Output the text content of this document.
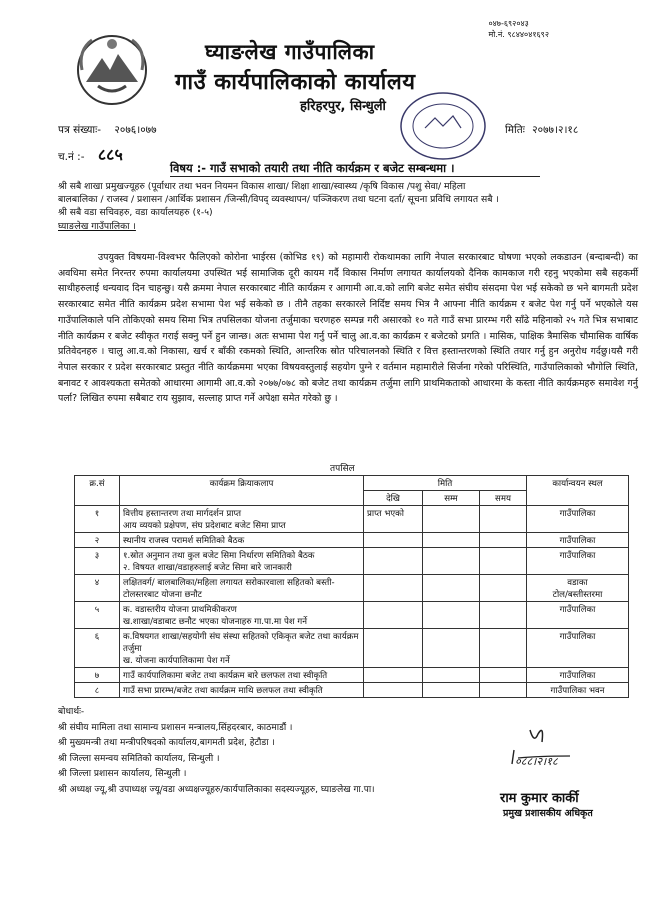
०४७-६९२०४३
मो.नं. ९८४४०४१६९२
घ्याङलेख गाउँपालिका
गाउँ कार्यपालिकाको कार्यालय
हरिहरपुर, सिन्धुली
पत्र संख्याः- २०७६।०७७
च.नं :- ८८५
मितिः २०७७।२।१८
विषय :- गाउँ सभाको तयारी तथा नीति कार्यक्रम र बजेट सम्बन्धमा ।
श्री सबै शाखा प्रमुखज्यूहरु (पूर्वाधार तथा भवन नियमन विकास शाखा/ शिक्षा शाखा/स्वास्थ्य /कृषि विकास /पशु सेवा/ महिला
बालबालिका / राजस्व / प्रशासन /आर्थिक प्रशासन /जिन्सी/विपद् व्यवस्थापन/ पञ्जिकरण तथा घटना दर्ता/ सूचना प्रविधि लगायत सबै ।
श्री सबै वडा सचिवहरु, वडा कार्यालयहरु (१-५)
घ्याङलेख गाउँपालिका ।

उपयुक्त विषयमा-विश्वभर फैलिएको कोरोना भाईरस (कोभिड १९) को महामारी रोकथामका लागि नेपाल सरकारबाट घोषणा भएको लकडाउन (बन्दाबन्दी) का अवधिमा समेत निरन्तर रुपमा कार्यालयमा उपस्थित भई सामाजिक दूरी कायम गर्दै विकास निर्माण लगायत कार्यालयको दैनिक कामकाज गरी रहनु भएकोमा सबै सहकर्मी साथीहरुलाई धन्यवाद दिन चाहन्छु। यसै क्रममा नेपाल सरकारबाट नीति कार्यक्रम र आगामी आ.व.को लागि बजेट समेत संघीय संसदमा पेश भई सकेको छ भने बागमती प्रदेश सरकारबाट समेत नीति कार्यक्रम प्रदेश सभामा पेश भई सकेको छ । तीनै तहका सरकारले निर्दिष्ट समय भित्र नै आफ्ना नीति कार्यक्रम र बजेट पेश गर्नु पर्ने भएकोले यस गाउँपालिकाले पनि तोकिएको समय सिमा भित्र तपसिलका योजना तर्जुमाका चरणहरु सम्पन्न गरी असारको १० गते गाउँ सभा प्रारम्भ गरी साँढे महिनाको २५ गते भित्र सभाबाट नीति कार्यक्रम र बजेट स्वीकृत गराई सक्नु पर्ने हुन जान्छ। अतः सभामा पेश गर्नु पर्ने चालु आ.व.का कार्यक्रम र बजेटको प्रगति । मासिक, पाक्षिक त्रैमासिक चौमासिक वार्षिक प्रतिवेदनहरु । चालु आ.व.को निकासा, खर्च र बाँकी रकमको स्थिति, आन्तरिक स्रोत परिचालनको स्थिति र वित्त हस्तान्तरणको स्थिति तयार गर्नु हुन अनुरोध गर्दछु।यसै गरी नेपाल सरकार र प्रदेश सरकारबाट प्रस्तुत नीति कार्यक्रममा भएका विषयवस्तुलाई सहयोग पुग्ने र वर्तमान महामारीले सिर्जना गरेको परिस्थिति, गाउँपालिकाको भौगोलि स्थिति, बनावट र आवश्यकता समेतको आधारमा आगामी आ.व.को २०७७/०७८ को बजेट तथा कार्यक्रम तर्जुमा लागि प्राथमिकताको आधारमा के कस्ता नीति कार्यक्रमहरु समावेश गर्नु पर्ला? लिखित रुपमा सबैबाट राय सुझाव, सल्लाह प्राप्त गर्ने अपेक्षा समेत गरेको छु ।

तपसिल
क्र.सं	कार्यक्रम क्रियाकलाप	मिति			कार्यान्वयन स्थल
		देखि	सम्म	समय	
१	वित्तीय हस्तान्तरण तथा मार्गदर्शन प्राप्त
आय व्ययको प्रक्षेपण, संघ प्रदेशबाट बजेट सिमा प्राप्त	प्राप्त भएको			गाउँपालिका
२	स्थानीय राजस्व परामर्श समितिको बैठक				गाउँपालिका
३	१.स्रोत अनुमान तथा कुल बजेट सिमा निर्धारण समितिको बैठक
२. विषयत शाखा/वडाहरुलाई बजेट सिमा बारे जानकारी				गाउँपालिका
४	लक्षितवर्ग/ बालबालिका/महिला लगायत सरोकारवाला सहितको बस्ती-
टोलस्तरबाट योजना छनौट				वडाका
टोल/बस्तीस्तरमा
५	क. वडास्तरीय योजना प्राथमिकीकरण
ख.शाखा/वडाबाट छनौट भएका योजनाहरु गा.पा.मा पेश गर्ने				गाउँपालिका
६	क.विषयगत शाखा/सहयोगी संघ संस्था सहितको एकिकृत बजेट तथा कार्यक्रम
तर्जुमा
ख. योजना कार्यपालिकामा पेश गर्ने				गाउँपालिका
७	गाउँ कार्यपालिकामा बजेट तथा कार्यक्रम बारे छलफल तथा स्वीकृति				गाउँपालिका
८	गाउँ सभा प्रारम्भ/बजेट तथा कार्यक्रम माथि छलफल तथा स्वीकृति				गाउँपालिका भवन
बोधार्थः-
श्री संघीय मामिला तथा सामान्य प्रशासन मन्त्रालय,सिंहदरबार, काठमाडौं ।
श्री मुख्यमन्त्री तथा मन्त्रीपरिषदको कार्यालय,बागमती प्रदेश, हेटौडा ।
श्री जिल्ला समन्वय समितिको कार्यालय, सिन्धुली ।
श्री जिल्ला प्रशासन कार्यालय, सिन्धुली ।
श्री अध्यक्ष ज्यू,श्री उपाध्यक्ष ज्यू/वडा अध्यक्षज्यूहरु/कार्यपालिकाका सदस्यज्यूहरु, घ्याङलेख गा.पा।
०८८।२।१८
राम कुमार कार्की
प्रमुख प्रशासकीय अधिकृत
